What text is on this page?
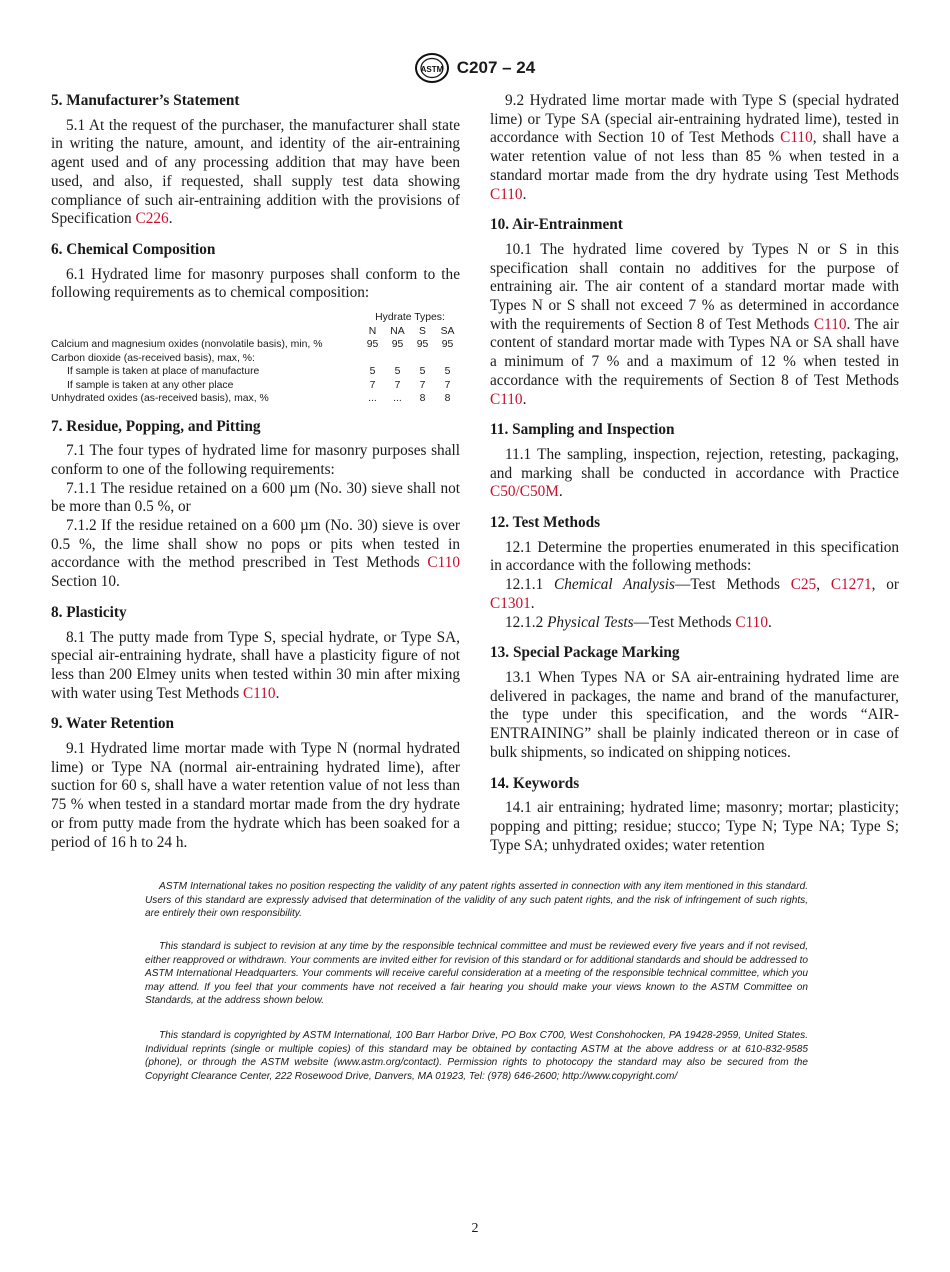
ASTM C207 – 24
5. Manufacturer’s Statement

5.1 At the request of the purchaser, the manufacturer shall state in writing the nature, amount, and identity of the air-entraining agent used and of any processing addition that may have been used, and also, if requested, shall supply test data showing compliance of such air-entraining addition with the provisions of Specification C226.

6. Chemical Composition

6.1 Hydrated lime for masonry purposes shall conform to the following requirements as to chemical composition:

	Hydrate Types:			
	N	NA	S	SA
Calcium and magnesium oxides (nonvolatile basis), min, %	95	95	95	95
Carbon dioxide (as-received basis), max, %:				
If sample is taken at place of manufacture	5	5	5	5
If sample is taken at any other place	7	7	7	7
Unhydrated oxides (as-received basis), max, %	...	...	8	8
7. Residue, Popping, and Pitting

7.1 The four types of hydrated lime for masonry purposes shall conform to one of the following requirements:

7.1.1 The residue retained on a 600 µm (No. 30) sieve shall not be more than 0.5 %, or

7.1.2 If the residue retained on a 600 µm (No. 30) sieve is over 0.5 %, the lime shall show no pops or pits when tested in accordance with the method prescribed in Test Methods C110 Section 10.

8. Plasticity

8.1 The putty made from Type S, special hydrate, or Type SA, special air-entraining hydrate, shall have a plasticity figure of not less than 200 Elmey units when tested within 30 min after mixing with water using Test Methods C110.

9. Water Retention

9.1 Hydrated lime mortar made with Type N (normal hydrated lime) or Type NA (normal air-entraining hydrated lime), after suction for 60 s, shall have a water retention value of not less than 75 % when tested in a standard mortar made from the dry hydrate or from putty made from the hydrate which has been soaked for a period of 16 h to 24 h.

9.2 Hydrated lime mortar made with Type S (special hydrated lime) or Type SA (special air-entraining hydrated lime), tested in accordance with Section 10 of Test Methods C110, shall have a water retention value of not less than 85 % when tested in a standard mortar made from the dry hydrate using Test Methods C110.

10. Air-Entrainment

10.1 The hydrated lime covered by Types N or S in this specification shall contain no additives for the purpose of entraining air. The air content of a standard mortar made with Types N or S shall not exceed 7 % as determined in accordance with the requirements of Section 8 of Test Methods C110. The air content of standard mortar made with Types NA or SA shall have a minimum of 7 % and a maximum of 12 % when tested in accordance with the requirements of Section 8 of Test Methods C110.

11. Sampling and Inspection

11.1 The sampling, inspection, rejection, retesting, packaging, and marking shall be conducted in accordance with Practice C50/C50M.

12. Test Methods

12.1 Determine the properties enumerated in this specification in accordance with the following methods:

12.1.1 Chemical Analysis—Test Methods C25, C1271, or C1301.

12.1.2 Physical Tests—Test Methods C110.

13. Special Package Marking

13.1 When Types NA or SA air-entraining hydrated lime are delivered in packages, the name and brand of the manufacturer, the type under this specification, and the words “AIR-ENTRAINING” shall be plainly indicated thereon or in case of bulk shipments, so indicated on shipping notices.

14. Keywords

14.1 air entraining; hydrated lime; masonry; mortar; plasticity; popping and pitting; residue; stucco; Type N; Type NA; Type S; Type SA; unhydrated oxides; water retention

ASTM International takes no position respecting the validity of any patent rights asserted in connection with any item mentioned in this standard. Users of this standard are expressly advised that determination of the validity of any such patent rights, and the risk of infringement of such rights, are entirely their own responsibility.

This standard is subject to revision at any time by the responsible technical committee and must be reviewed every five years and if not revised, either reapproved or withdrawn. Your comments are invited either for revision of this standard or for additional standards and should be addressed to ASTM International Headquarters. Your comments will receive careful consideration at a meeting of the responsible technical committee, which you may attend. If you feel that your comments have not received a fair hearing you should make your views known to the ASTM Committee on Standards, at the address shown below.

This standard is copyrighted by ASTM International, 100 Barr Harbor Drive, PO Box C700, West Conshohocken, PA 19428-2959, United States. Individual reprints (single or multiple copies) of this standard may be obtained by contacting ASTM at the above address or at 610-832-9585 (phone), or through the ASTM website (www.astm.org/contact). Permission rights to photocopy the standard may also be secured from the Copyright Clearance Center, 222 Rosewood Drive, Danvers, MA 01923, Tel: (978) 646-2600; http://www.copyright.com/

2
